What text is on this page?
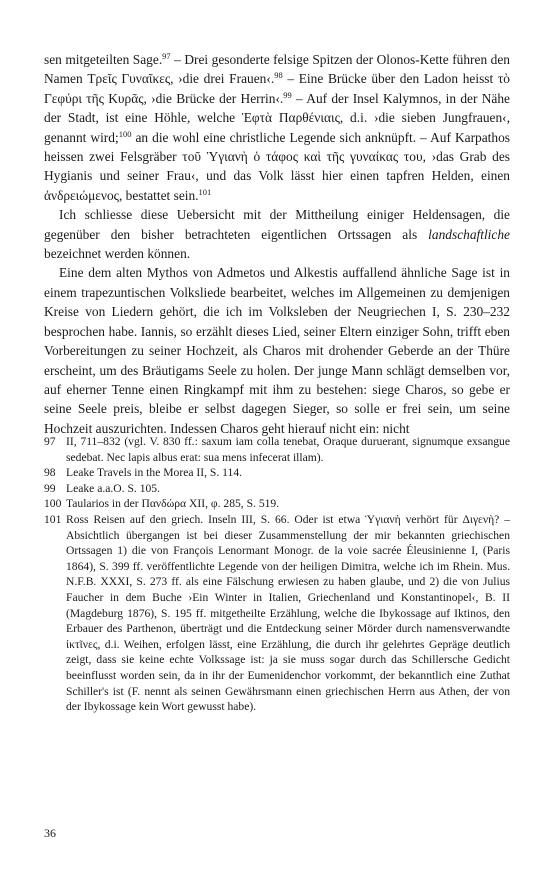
sen mitgeteilten Sage.$^{97}$ – Drei gesonderte felsige Spitzen der Olonos-Kette führen den Namen Τρεῖς Γυναῖκες, ›die drei Frauen‹.$^{98}$ – Eine Brücke über den Ladon heisst τὸ Γεφύρι τῆς Κυρᾶς, ›die Brücke der Herrin‹.$^{99}$ – Auf der Insel Kalymnos, in der Nähe der Stadt, ist eine Höhle, welche Ἑφτὰ Παρθένιαις, d.i. ›die sieben Jungfrauen‹, genannt wird;$^{100}$ an die wohl eine christliche Legende sich anknüpft. – Auf Karpathos heissen zwei Felsgräber τοῦ Ὑγιανὴ ὁ τάφος καὶ τῆς γυναίκας του, ›das Grab des Hygianis und seiner Frau‹, und das Volk lässt hier einen tapfren Helden, einen ἀνδρειώμενος, bestattet sein.$^{101}$

Ich schliesse diese Uebersicht mit der Mittheilung einiger Heldensagen, die gegenüber den bisher betrachteten eigentlichen Ortssagen als landschaftliche bezeichnet werden können.

Eine dem alten Mythos von Admetos und Alkestis auffallend ähnliche Sage ist in einem trapezuntischen Volksliede bearbeitet, welches im Allgemeinen zu demjenigen Kreise von Liedern gehört, die ich im Volksleben der Neugriechen I, S. 230–232 besprochen habe. Iannis, so erzählt dieses Lied, seiner Eltern einziger Sohn, trifft eben Vorbereitungen zu seiner Hochzeit, als Charos mit drohender Geberde an der Thüre erscheint, um des Bräutigams Seele zu holen. Der junge Mann schlägt demselben vor, auf eherner Tenne einen Ringkampf mit ihm zu bestehen: siege Charos, so gebe er seine Seele preis, bleibe er selbst dagegen Sieger, so solle er frei sein, um seine Hochzeit auszurichten. Indessen Charos geht hierauf nicht ein: nicht

97 II, 711–832 (vgl. V. 830 ff.: saxum iam colla tenebat, Oraque duruerant, signumque exsangue sedebat. Nec lapis albus erat: sua mens infecerat illam).
98 Leake Travels in the Morea II, S. 114.
99 Leake a.a.O. S. 105.
100 Taularios in der Πανδώρα XII, φ. 285, S. 519.
101 Ross Reisen auf den griech. Inseln III, S. 66. Oder ist etwa Ὑγιανὴ verhört für Διγενὴ? – Absichtlich übergangen ist bei dieser Zusammenstellung der mir bekannten griechischen Ortssagen 1) die von François Lenormant Monogr. de la voie sacrée Éleusinienne I, (Paris 1864), S. 399 ff. veröffentlichte Legende von der heiligen Dimitra, welche ich im Rhein. Mus. N.F.B. XXXI, S. 273 ff. als eine Fälschung erwiesen zu haben glaube, und 2) die von Julius Faucher in dem Buche ›Ein Winter in Italien, Griechenland und Konstantinopel‹, B. II (Magdeburg 1876), S. 195 ff. mitgetheilte Erzählung, welche die Ibykossage auf Iktinos, den Erbauer des Parthenon, überträgt und die Entdeckung seiner Mörder durch namensverwandte ἰκτῖνες, d.i. Weihen, erfolgen lässt, eine Erzählung, die durch ihr gelehrtes Gepräge deutlich zeigt, dass sie keine echte Volkssage ist: ja sie muss sogar durch das Schillersche Gedicht beeinflusst worden sein, da in ihr der Eumenidenchor vorkommt, der bekanntlich eine Zuthat Schiller's ist (F. nennt als seinen Gewährsmann einen griechischen Herrn aus Athen, der von der Ibykossage kein Wort gewusst habe).
36
